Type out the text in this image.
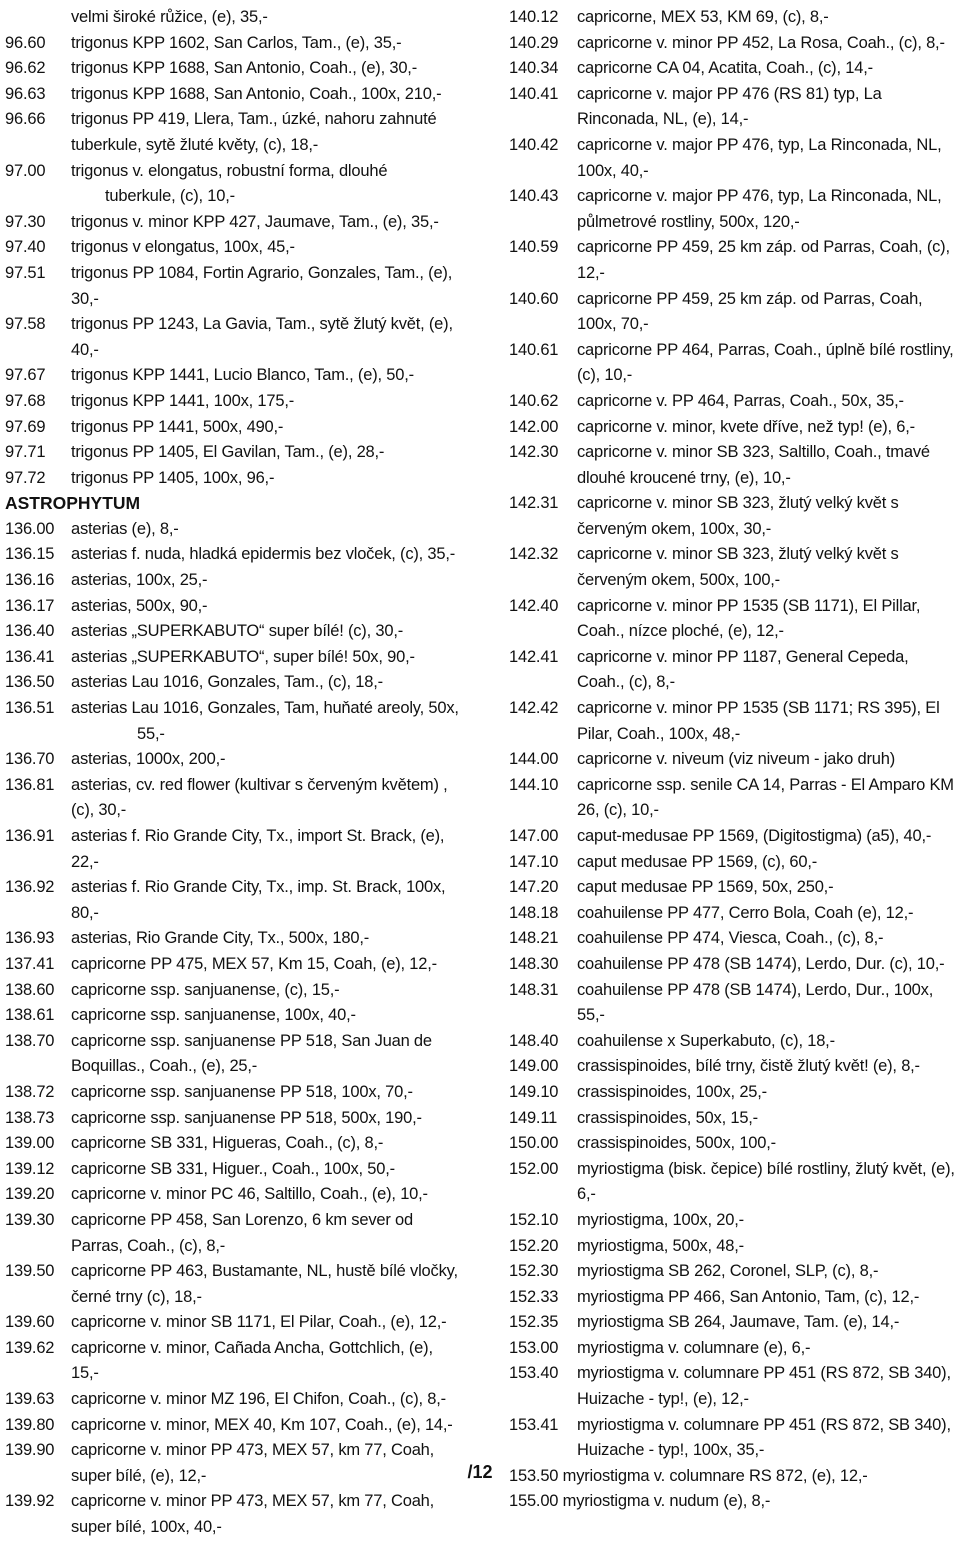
velmi široké růžice, (e), 35,-
96.60	trigonus KPP 1602, San Carlos, Tam., (e), 35,-
96.62	trigonus KPP 1688, San Antonio, Coah., (e), 30,-
96.63	trigonus KPP 1688, San Antonio, Coah., 100x, 210,-
96.66	trigonus PP 419, Llera, Tam., úzké, nahoru zahnuté tuberkule, sytě žluté květy, (c), 18,-
97.00	trigonus v. elongatus, robustní forma, dlouhé
tuberkule, (c), 10,-
97.30	trigonus v. minor KPP 427, Jaumave, Tam., (e), 35,-
97.40	trigonus v elongatus, 100x, 45,-
97.51	trigonus PP 1084, Fortin Agrario, Gonzales, Tam., (e), 30,-
97.58	trigonus PP 1243, La Gavia, Tam., sytě žlutý květ, (e), 40,-
97.67	trigonus KPP 1441, Lucio Blanco, Tam., (e), 50,-
97.68	trigonus KPP 1441, 100x, 175,-
97.69	trigonus PP 1441, 500x, 490,-
97.71	trigonus PP 1405, El Gavilan, Tam., (e), 28,-
97.72	trigonus PP 1405, 100x, 96,-
ASTROPHYTUM
136.00	asterias (e), 8,-
136.15	asterias f. nuda, hladká epidermis bez vloček, (c), 35,-
136.16	asterias, 100x, 25,-
136.17	asterias, 500x, 90,-
136.40	asterias „SUPERKABUTO“ super bílé! (c), 30,-
136.41	asterias „SUPERKABUTO“, super bílé! 50x, 90,-
136.50	asterias Lau 1016, Gonzales, Tam., (c), 18,-
136.51	asterias Lau 1016, Gonzales, Tam, huňaté areoly, 50x, 55,-
136.70	asterias, 1000x, 200,-
136.81	asterias, cv. red flower (kultivar s červeným květem) , (c), 30,-
136.91	asterias f. Rio Grande City, Tx., import St. Brack, (e), 22,-
136.92	asterias f. Rio Grande City, Tx., imp. St. Brack, 100x, 80,-
136.93	asterias, Rio Grande City, Tx., 500x, 180,-
137.41	capricorne PP 475, MEX 57, Km 15, Coah, (e), 12,-
138.60	capricorne ssp. sanjuanense, (c), 15,-
138.61	capricorne ssp. sanjuanense, 100x, 40,-
138.70	capricorne ssp. sanjuanense PP 518, San Juan de Boquillas., Coah., (e), 25,-
138.72	capricorne ssp. sanjuanense PP 518, 100x, 70,-
138.73	capricorne ssp. sanjuanense PP 518, 500x, 190,-
139.00	capricorne SB 331, Higueras, Coah., (c), 8,-
139.12	capricorne SB 331, Higuer., Coah., 100x, 50,-
139.20	capricorne v. minor PC 46, Saltillo, Coah., (e), 10,-
139.30	capricorne PP 458, San Lorenzo, 6 km sever od Parras, Coah., (c), 8,-
139.50	capricorne PP 463, Bustamante, NL, hustě bílé vločky, černé trny (c), 18,-
139.60	capricorne v. minor SB 1171, El Pilar, Coah., (e), 12,-
139.62	capricorne v. minor, Cañada Ancha, Gottchlich, (e), 15,-
139.63	capricorne v. minor MZ 196, El Chifon, Coah., (c), 8,-
139.80	capricorne v. minor, MEX 40, Km 107, Coah., (e), 14,-
139.90	capricorne v. minor PP 473, MEX 57, km 77, Coah, super bílé, (e), 12,-
139.92	capricorne v. minor PP 473, MEX 57, km 77, Coah, super bílé, 100x, 40,-
140.12	capricorne, MEX 53, KM 69, (c), 8,-
140.29	capricorne v. minor PP 452, La Rosa, Coah., (c), 8,-
140.34	capricorne CA 04, Acatita, Coah., (c), 14,-
140.41	capricorne v. major PP 476 (RS 81) typ, La Rinconada, NL, (e), 14,-
140.42	capricorne v. major PP 476, typ, La Rinconada, NL, 100x, 40,-
140.43	capricorne v. major PP 476, typ, La Rinconada, NL, půlmetrové rostliny, 500x, 120,-
140.59	capricorne PP 459, 25 km záp. od Parras, Coah, (c), 12,-
140.60	capricorne PP 459, 25 km záp. od Parras, Coah, 100x, 70,-
140.61	capricorne PP 464, Parras, Coah., úplně bílé rostliny, (c), 10,-
140.62	capricorne v. PP 464, Parras, Coah., 50x, 35,-
142.00	capricorne v. minor, kvete dříve, než typ! (e), 6,-
142.30	capricorne v. minor SB 323, Saltillo, Coah., tmavé dlouhé kroucené trny, (e), 10,-
142.31	capricorne v. minor SB 323, žlutý velký květ s červeným okem, 100x, 30,-
142.32	capricorne v. minor SB 323, žlutý velký květ s červeným okem, 500x, 100,-
142.40	capricorne v. minor PP 1535 (SB 1171), El Pillar, Coah., nízce ploché, (e), 12,-
142.41	capricorne v. minor PP 1187, General Cepeda, Coah., (c), 8,-
142.42	capricorne v. minor PP 1535 (SB 1171; RS 395), El Pilar, Coah., 100x, 48,-
144.00	capricorne v. niveum (viz niveum - jako druh)
144.10	capricorne ssp. senile CA 14, Parras - El Amparo KM 26, (c), 10,-
147.00	caput-medusae PP 1569, (Digitostigma) (a5), 40,-
147.10	caput medusae PP 1569, (c), 60,-
147.20	caput medusae PP 1569, 50x, 250,-
148.18	coahuilense PP 477, Cerro Bola, Coah (e), 12,-
148.21	coahuilense PP 474, Viesca, Coah., (c), 8,-
148.30	coahuilense PP 478 (SB 1474), Lerdo, Dur. (c), 10,-
148.31	coahuilense PP 478 (SB 1474), Lerdo, Dur., 100x, 55,-
148.40	coahuilense x Superkabuto, (c), 18,-
149.00	crassispinoides, bílé trny, čistě žlutý květ! (e), 8,-
149.10	crassispinoides, 100x, 25,-
149.11	crassispinoides, 50x, 15,-
150.00	crassispinoides, 500x, 100,-
152.00	myriostigma (bisk. čepice) bílé rostliny, žlutý květ, (e), 6,-
152.10	myriostigma, 100x, 20,-
152.20	myriostigma, 500x, 48,-
152.30	myriostigma SB 262, Coronel, SLP, (c), 8,-
152.33	myriostigma PP 466, San Antonio, Tam, (c), 12,-
152.35	myriostigma SB 264, Jaumave, Tam. (e), 14,-
153.00	myriostigma v. columnare (e), 6,-
153.40	myriostigma v. columnare PP 451 (RS 872, SB 340), Huizache - typ!, (e), 12,-
153.41	myriostigma v. columnare PP 451 (RS 872, SB 340), Huizache - typ!, 100x, 35,-
153.50 myriostigma v. columnare RS 872, (e), 12,-
155.00 myriostigma v. nudum (e), 8,-
/12
